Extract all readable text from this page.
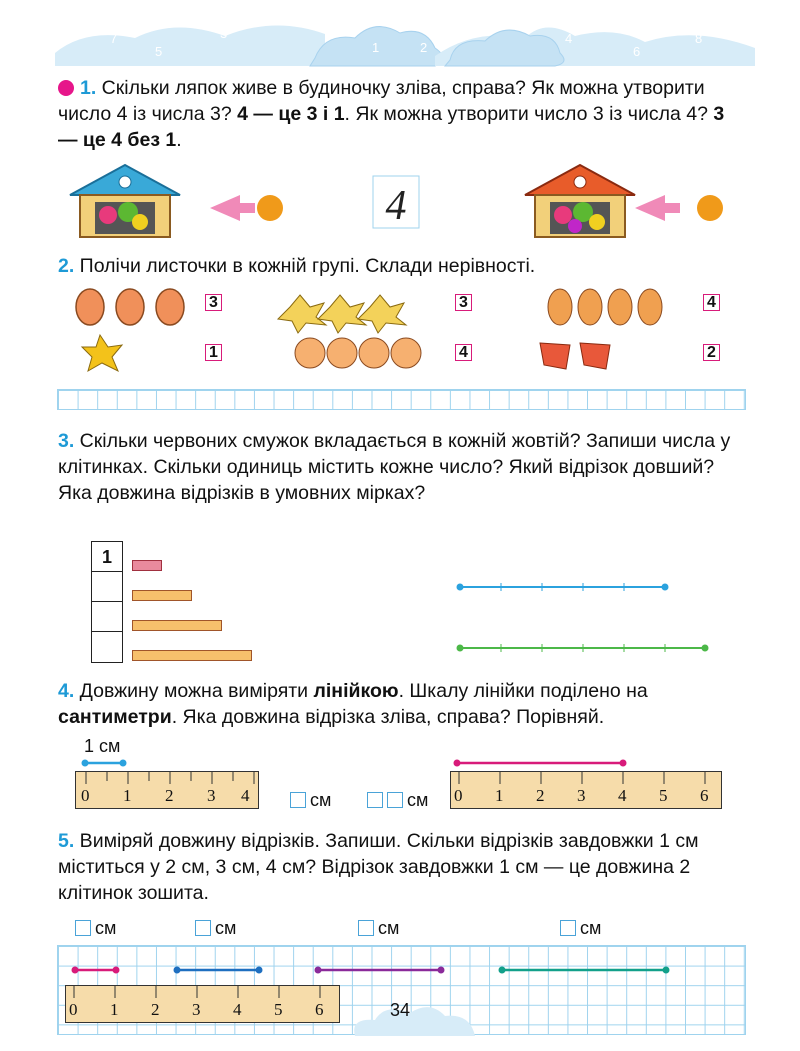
7
5
3
1
0
2
4
6
8
1. Скільки ляпок живе в будиночку зліва, справа? Як можна утворити число 4 із числа 3? 4 — це 3 і 1. Як можна утворити число 3 із числа 4? 3 — це 4 без 1.
4
2. Полічи листочки в кожній групі. Склади нерівності.
3
1
3
4
4
2
3. Скільки червоних смужок вкладається в кожній жовтій? Запиши числа у клітинках. Скільки одиниць містить кожне число? Який відрізок довший? Яка довжина відрізків в умовних мірках?
1
4. Довжину можна виміряти лінійкою. Шкалу лінійки поділено на сантиметри. Яка довжина відрізка зліва, справа? Порівняй.
1 см
0 1 2 3 4	см	см 0 1 2 3 4 5 6
5. Виміряй довжину відрізків. Запиши. Скільки відрізків завдовжки 1 см міститься у 2 см, 3 см, 4 см? Відрізок завдовжки 1 см — це довжина 2 клітинок зошита.
см	см	см	см
0 1 2 3 4 5 6	34
